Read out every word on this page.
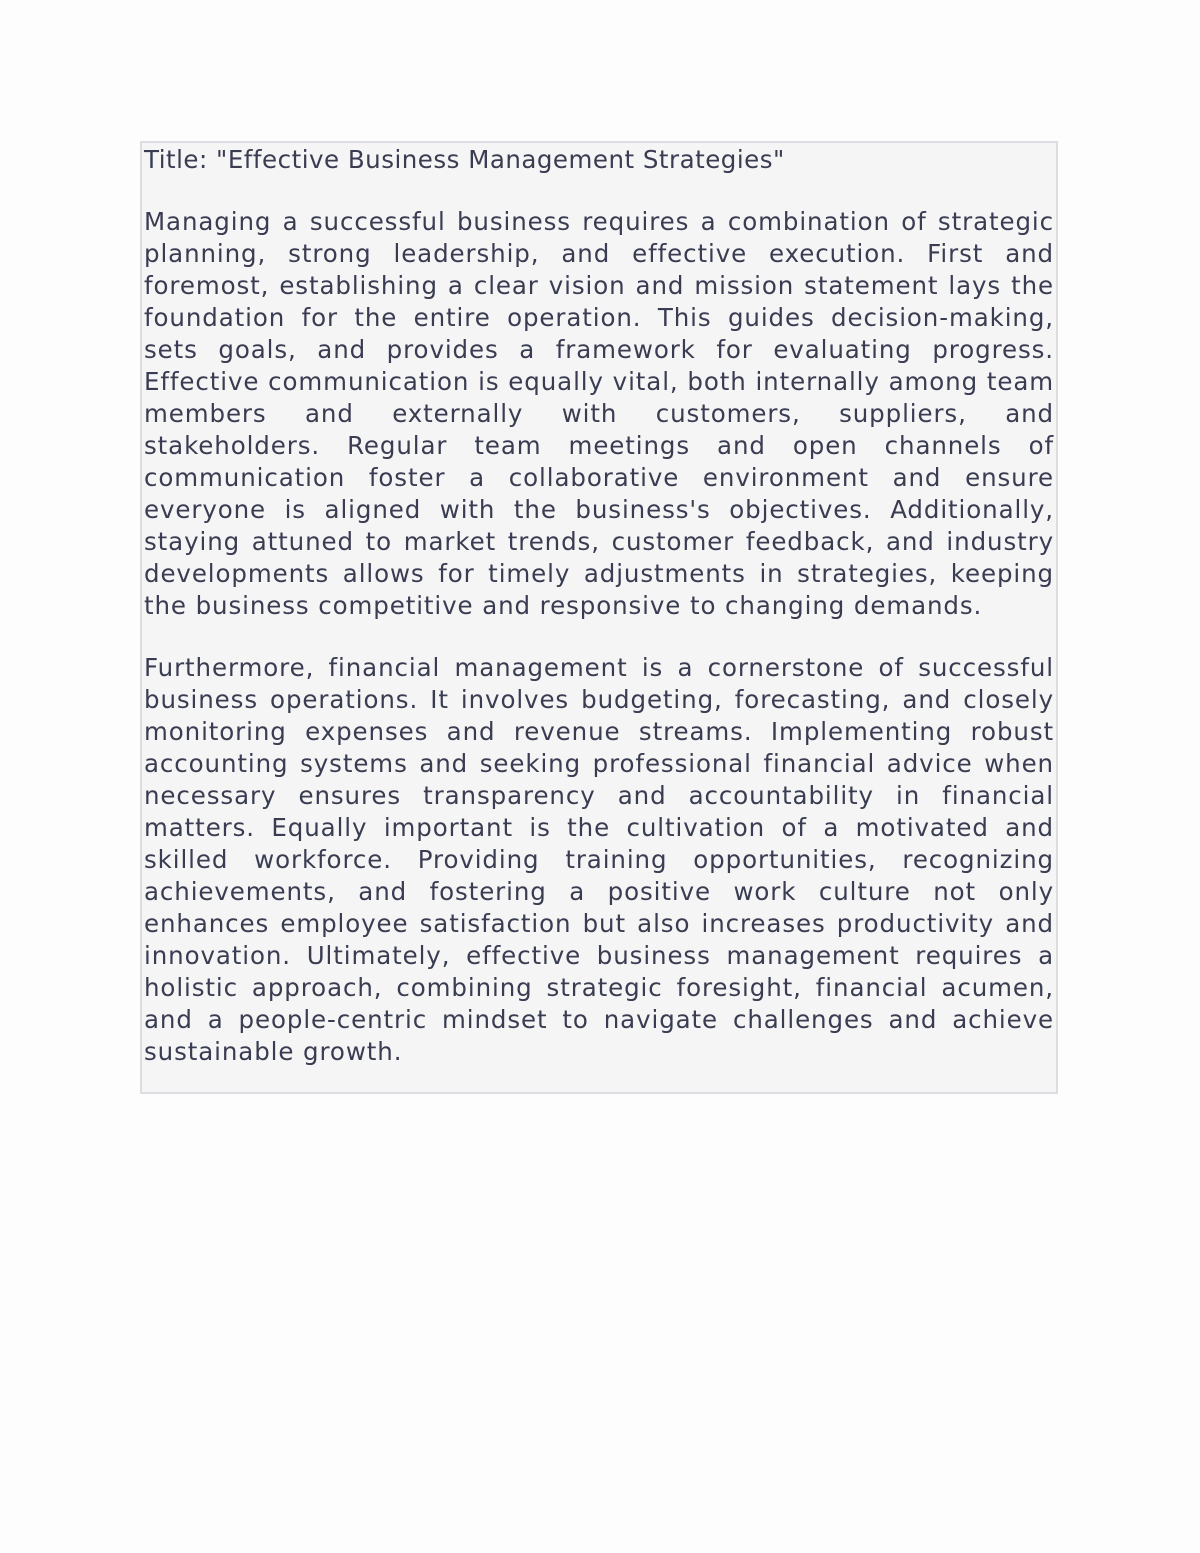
Title: "Effective Business Management Strategies"

Managing a successful business requires a combination of strategic planning, strong leadership, and effective execution. First and foremost, establishing a clear vision and mission statement lays the foundation for the entire operation. This guides decision-making, sets goals, and provides a framework for evaluating progress. Effective communication is equally vital, both internally among team members and externally with customers, suppliers, and stakeholders. Regular team meetings and open channels of communication foster a collaborative environment and ensure everyone is aligned with the business's objectives. Additionally, staying attuned to market trends, customer feedback, and industry developments allows for timely adjustments in strategies, keeping the business competitive and responsive to changing demands.

Furthermore, financial management is a cornerstone of successful business operations. It involves budgeting, forecasting, and closely monitoring expenses and revenue streams. Implementing robust accounting systems and seeking professional financial advice when necessary ensures transparency and accountability in financial matters. Equally important is the cultivation of a motivated and skilled workforce. Providing training opportunities, recognizing achievements, and fostering a positive work culture not only enhances employee satisfaction but also increases productivity and innovation. Ultimately, effective business management requires a holistic approach, combining strategic foresight, financial acumen, and a people-centric mindset to navigate challenges and achieve sustainable growth.
